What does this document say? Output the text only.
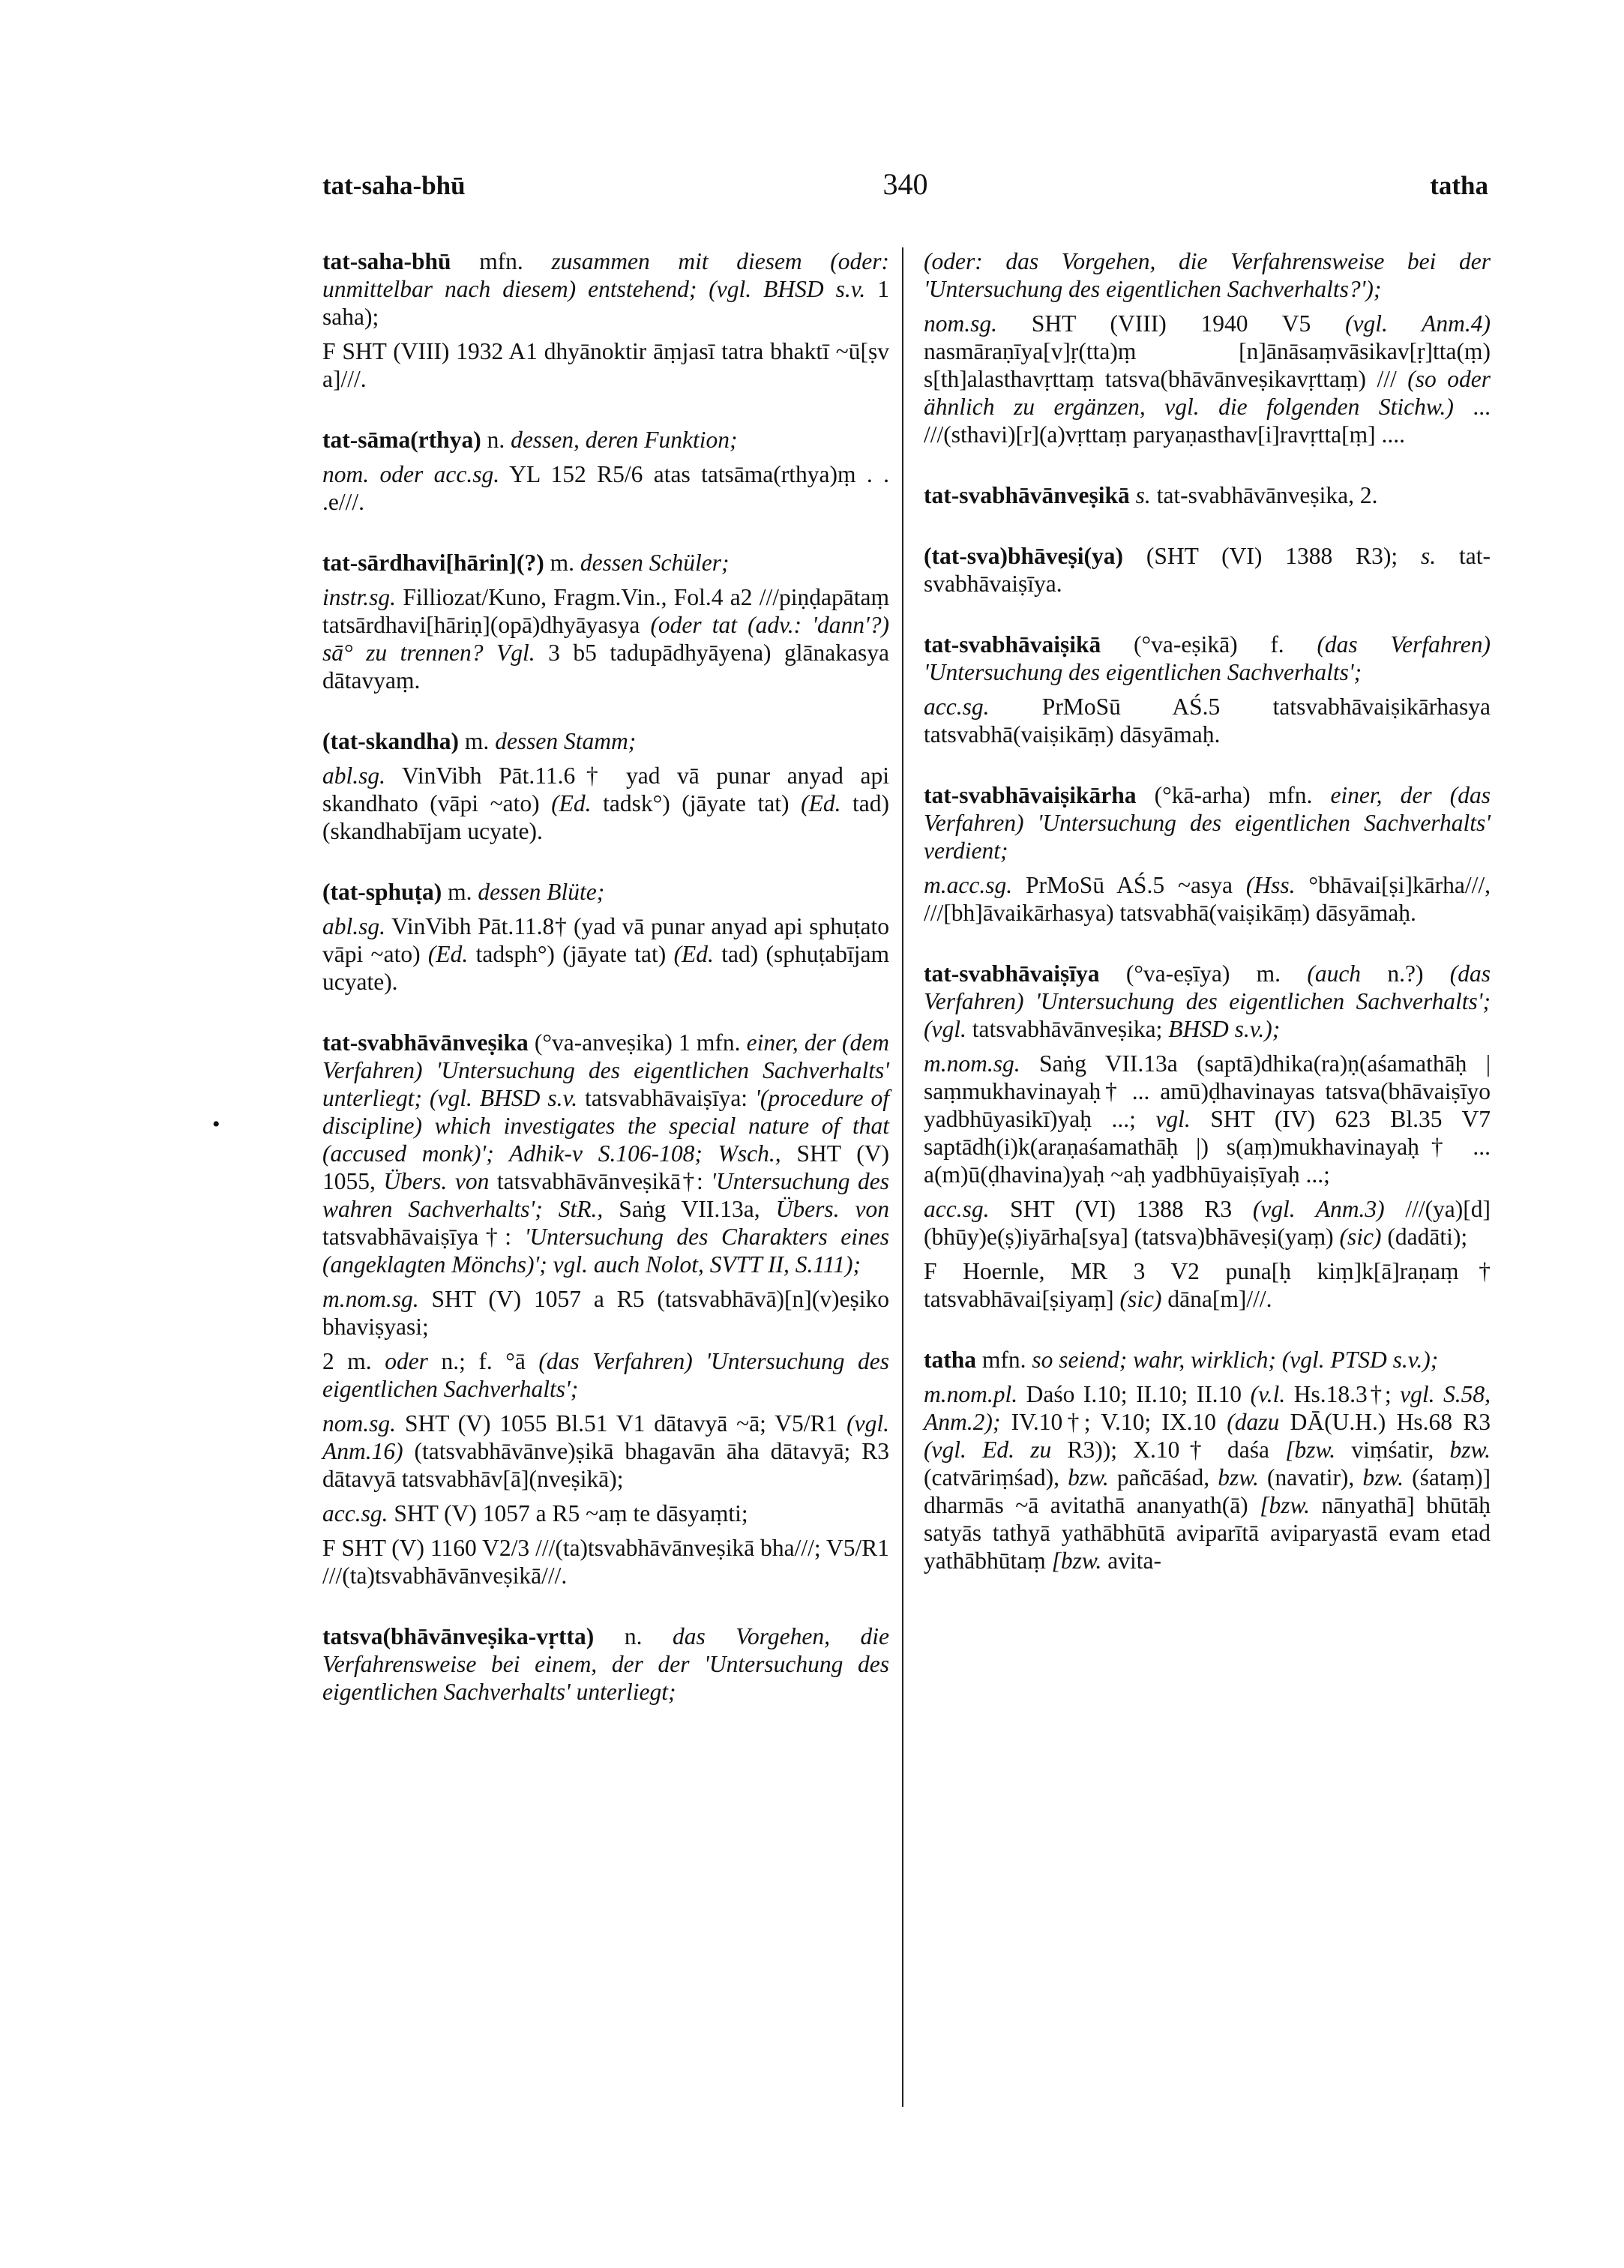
tat-saha-bhū	340	tatha
•

tat-saha-bhū mfn. zusammen mit diesem (oder: unmittelbar nach diesem) entstehend; (vgl. BHSD s.v. 1 saha);

F SHT (VIII) 1932 A1 dhyānoktir āṃjasī tatra bhaktī ~ū[ṣv a]///.

tat-sāma(rthya) n. dessen, deren Funktion;

nom. oder acc.sg. YL 152 R5/6 atas tatsāma(rthya)ṃ . . .e///.

tat-sārdhavi[hārin](?) m. dessen Schüler;

instr.sg. Filliozat/Kuno, Fragm.Vin., Fol.4 a2 ///piṇḍapātaṃ tatsārdhavi[hāriṇ](opā)dhyāyasya (oder tat (adv.: 'dann'?) sā° zu trennen? Vgl. 3 b5 tadupādhyāyena) glānakasya dātavyaṃ.

(tat-skandha) m. dessen Stamm;

abl.sg. VinVibh Pāt.11.6† yad vā punar anyad api skandhato (vāpi ~ato) (Ed. tadsk°) (jāyate tat) (Ed. tad) (skandhabījam ucyate).

(tat-sphuṭa) m. dessen Blüte;

abl.sg. VinVibh Pāt.11.8† (yad vā punar anyad api sphuṭato vāpi ~ato) (Ed. tadsph°) (jāyate tat) (Ed. tad) (sphuṭabījam ucyate).

tat-svabhāvānveṣika (°va-anveṣika) 1 mfn. einer, der (dem Verfahren) 'Untersuchung des eigentlichen Sachverhalts' unterliegt; (vgl. BHSD s.v. tatsvabhāvaiṣīya: '(procedure of discipline) which investigates the special nature of that (accused monk)'; Adhik-v S.106-108; Wsch., SHT (V) 1055, Übers. von tatsvabhāvānveṣikā†: 'Untersuchung des wahren Sachverhalts'; StR., Saṅg VII.13a, Übers. von tatsvabhāvaiṣīya†: 'Untersuchung des Charakters eines (angeklagten Mönchs)'; vgl. auch Nolot, SVTT II, S.111);

m.nom.sg. SHT (V) 1057 a R5 (tatsvabhāvā)[n](v)eṣiko bhaviṣyasi;

2 m. oder n.; f. °ā (das Verfahren) 'Untersuchung des eigentlichen Sachverhalts';

nom.sg. SHT (V) 1055 Bl.51 V1 dātavyā ~ā; V5/R1 (vgl. Anm.16) (tatsvabhāvānve)ṣikā bhagavān āha dātavyā; R3 dātavyā tatsvabhāv[ā](nveṣikā);

acc.sg. SHT (V) 1057 a R5 ~aṃ te dāsyaṃti;

F SHT (V) 1160 V2/3 ///(ta)tsvabhāvānveṣikā bha///; V5/R1 ///(ta)tsvabhāvānveṣikā///.

tatsva(bhāvānveṣika-vṛtta) n. das Vorgehen, die Verfahrensweise bei einem, der der 'Untersuchung des eigentlichen Sachverhalts' unterliegt;

(oder: das Vorgehen, die Verfahrensweise bei der 'Untersuchung des eigentlichen Sachverhalts?');

nom.sg. SHT (VIII) 1940 V5 (vgl. Anm.4) nasmāraṇīya[v]ṛ(tta)ṃ [n]ānāsaṃvāsikav[ṛ]tta(ṃ) s[th]alasthavṛttaṃ tatsva(bhāvānveṣikavṛttaṃ) /// (so oder ähnlich zu ergänzen, vgl. die folgenden Stichw.) ... ///(sthavi)[r](a)vṛttaṃ paryaṇasthav[i]ravṛtta[ṃ] ....

tat-svabhāvānveṣikā s. tat-svabhāvānveṣika, 2.

(tat-sva)bhāveṣi(ya) (SHT (VI) 1388 R3); s. tat-svabhāvaiṣīya.

tat-svabhāvaiṣikā (°va-eṣikā) f. (das Verfahren) 'Untersuchung des eigentlichen Sachverhalts';

acc.sg. PrMoSū AŚ.5 tatsvabhāvaiṣikārhasya tatsvabhā(vaiṣikāṃ) dāsyāmaḥ.

tat-svabhāvaiṣikārha (°kā-arha) mfn. einer, der (das Verfahren) 'Untersuchung des eigentlichen Sachverhalts' verdient;

m.acc.sg. PrMoSū AŚ.5 ~asya (Hss. °bhāvai[ṣi]kārha///, ///[bh]āvaikārhasya) tatsvabhā(vaiṣikāṃ) dāsyāmaḥ.

tat-svabhāvaiṣīya (°va-eṣīya) m. (auch n.?) (das Verfahren) 'Untersuchung des eigentlichen Sachverhalts'; (vgl. tatsvabhāvānveṣika; BHSD s.v.);

m.nom.sg. Saṅg VII.13a (saptā)dhika(ra)ṇ(aśamathāḥ | saṃmukhavinayaḥ† ... amū)ḍhavinayas tatsva(bhāvaiṣīyo yadbhūyasikī)yaḥ ...; vgl. SHT (IV) 623 Bl.35 V7 saptādh(i)k(araṇaśamathāḥ |) s(aṃ)mukhavinayaḥ† ... a(m)ū(ḍhavina)yaḥ ~aḥ yadbhūyaiṣīyaḥ ...;

acc.sg. SHT (VI) 1388 R3 (vgl. Anm.3) ///(ya)[d](bhūy)e(ṣ)iyārha[sya] (tatsva)bhāveṣi(yaṃ) (sic) (dadāti);

F Hoernle, MR 3 V2 puna[ḥ kiṃ]k[ā]raṇaṃ† tatsvabhāvai[ṣiyaṃ] (sic) dāna[m]///.

tatha mfn. so seiend; wahr, wirklich; (vgl. PTSD s.v.);

m.nom.pl. Daśo I.10; II.10; II.10 (v.l. Hs.18.3†; vgl. S.58, Anm.2); IV.10†; V.10; IX.10 (dazu DĀ(U.H.) Hs.68 R3 (vgl. Ed. zu R3)); X.10† daśa [bzw. viṃśatir, bzw. (catvāriṃśad), bzw. pañcāśad, bzw. (navatir), bzw. (śataṃ)] dharmās ~ā avitathā ananyath(ā) [bzw. nānyathā] bhūtāḥ satyās tathyā yathābhūtā aviparītā aviparyastā evam etad yathābhūtaṃ [bzw. avita-
